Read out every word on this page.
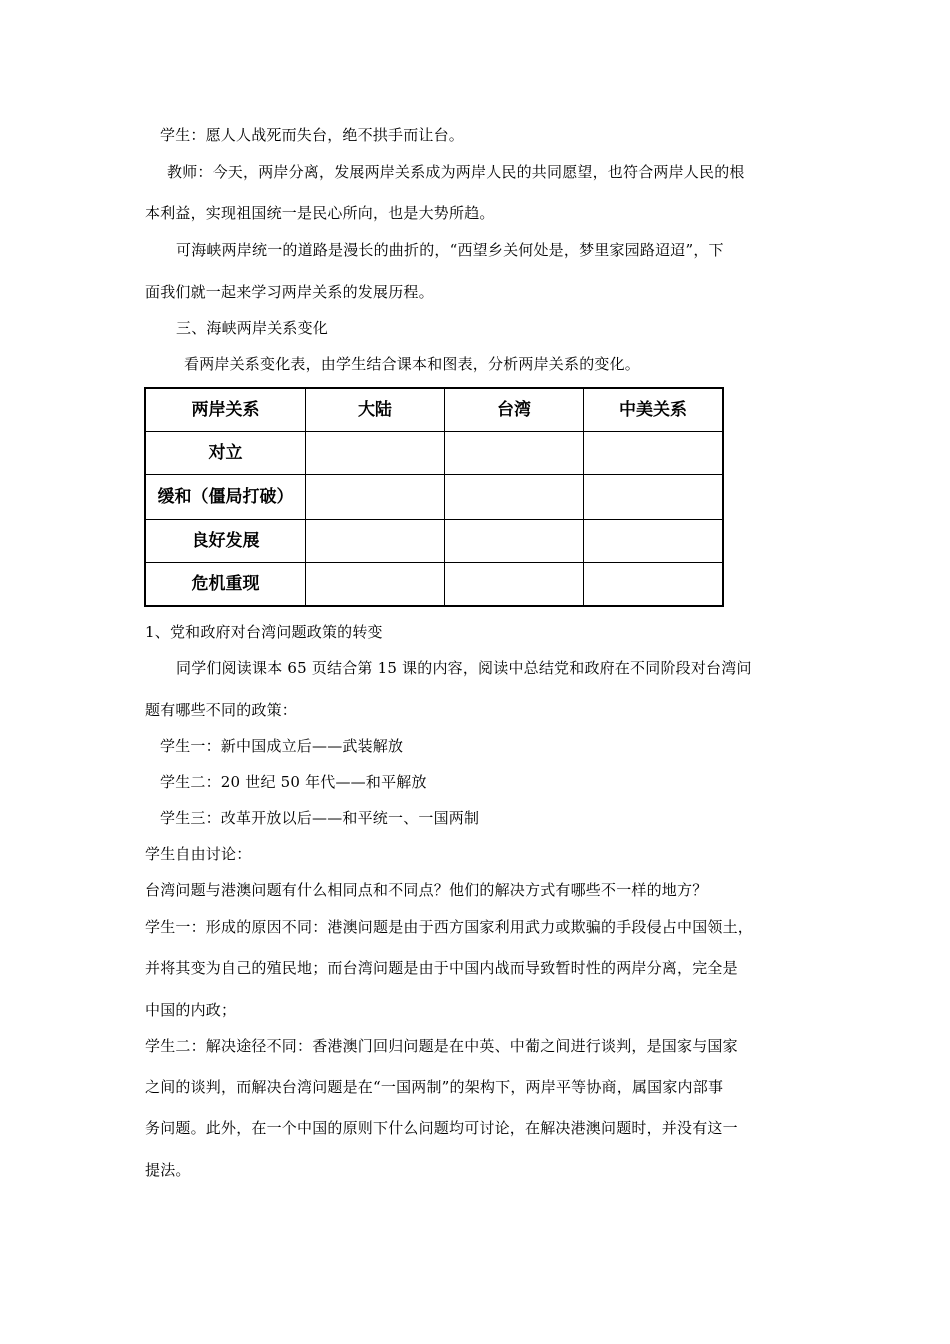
学生：愿人人战死而失台，绝不拱手而让台。
教师：今天，两岸分离，发展两岸关系成为两岸人民的共同愿望，也符合两岸人民的根
本利益，实现祖国统一是民心所向，也是大势所趋。
可海峡两岸统一的道路是漫长的曲折的，“西望乡关何处是，梦里家园路迢迢”，下
面我们就一起来学习两岸关系的发展历程。
三、海峡两岸关系变化
看两岸关系变化表，由学生结合课本和图表，分析两岸关系的变化。
两岸关系	大陆	台湾	中美关系
对立			
缓和（僵局打破）			
良好发展			
危机重现			
1、党和政府对台湾问题政策的转变
同学们阅读课本 65 页结合第 15 课的内容，阅读中总结党和政府在不同阶段对台湾问
题有哪些不同的政策：
学生一：新中国成立后——武装解放
学生二：20 世纪 50 年代——和平解放
学生三：改革开放以后——和平统一、一国两制
学生自由讨论：
台湾问题与港澳问题有什么相同点和不同点？他们的解决方式有哪些不一样的地方？
学生一：形成的原因不同：港澳问题是由于西方国家利用武力或欺骗的手段侵占中国领土，
并将其变为自己的殖民地；而台湾问题是由于中国内战而导致暂时性的两岸分离，完全是
中国的内政；
学生二：解决途径不同：香港澳门回归问题是在中英、中葡之间进行谈判，是国家与国家
之间的谈判，而解决台湾问题是在“一国两制”的架构下，两岸平等协商，属国家内部事
务问题。此外，在一个中国的原则下什么问题均可讨论，在解决港澳问题时，并没有这一
提法。
